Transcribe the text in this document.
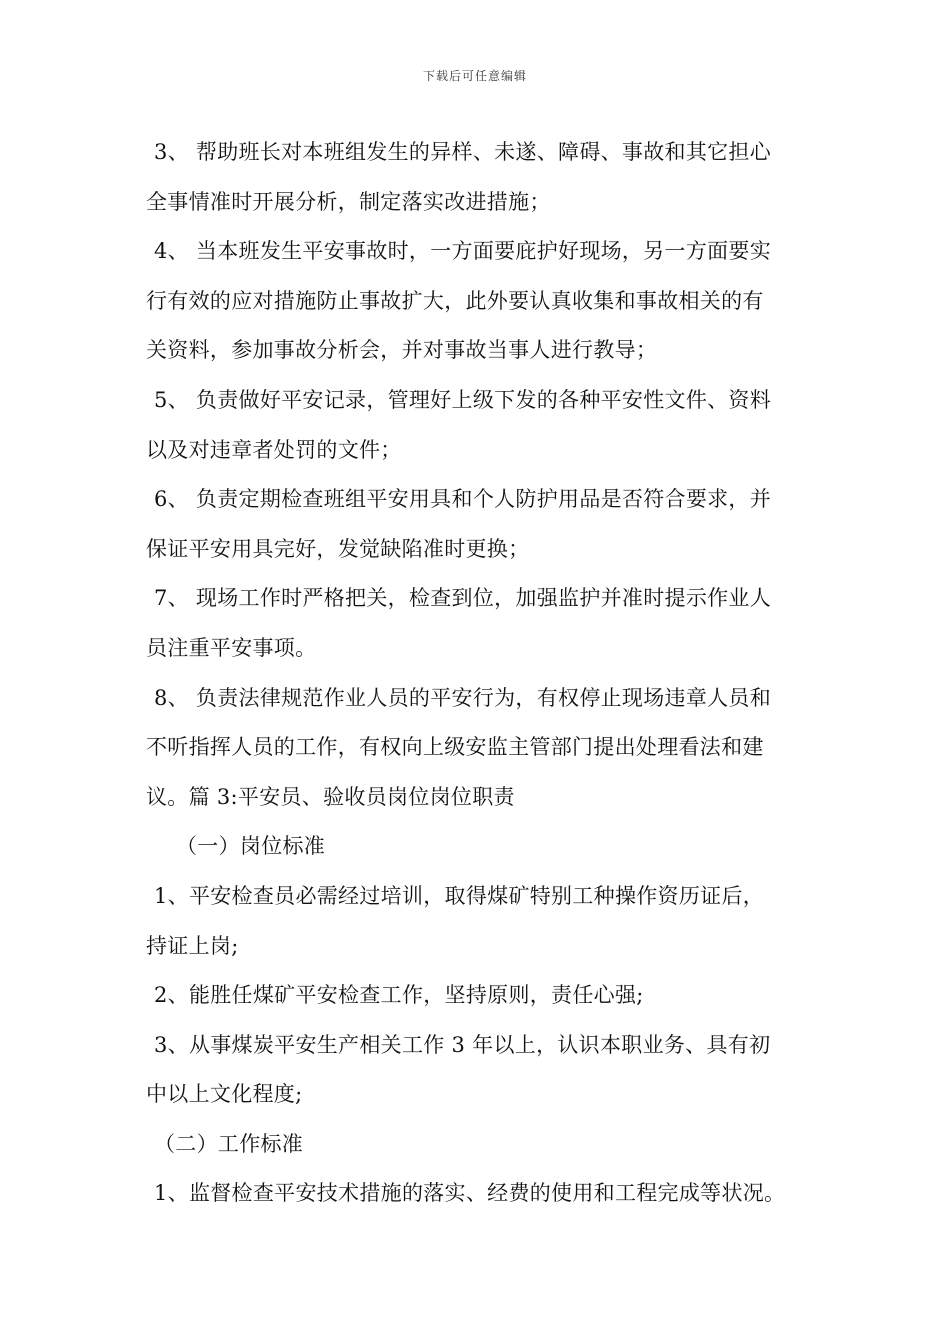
下载后可任意编辑
3、 帮助班长对本班组发生的异样、未遂、障碍、事故和其它担心
全事情准时开展分析，制定落实改进措施；
4、 当本班发生平安事故时，一方面要庇护好现场，另一方面要实
行有效的应对措施防止事故扩大，此外要认真收集和事故相关的有
关资料，参加事故分析会，并对事故当事人进行教导；
5、 负责做好平安记录，管理好上级下发的各种平安性文件、资料
以及对违章者处罚的文件；
6、 负责定期检查班组平安用具和个人防护用品是否符合要求，并
保证平安用具完好，发觉缺陷准时更换；
7、 现场工作时严格把关，检查到位，加强监护并准时提示作业人
员注重平安事项。
8、 负责法律规范作业人员的平安行为，有权停止现场违章人员和
不听指挥人员的工作，有权向上级安监主管部门提出处理看法和建
议。篇 3:平安员、验收员岗位岗位职责
（一）岗位标准
1、平安检查员必需经过培训，取得煤矿特别工种操作资历证后，
持证上岗;
2、能胜任煤矿平安检查工作，坚持原则，责任心强;
3、从事煤炭平安生产相关工作 3 年以上，认识本职业务、具有初
中以上文化程度;
（二）工作标准
1、监督检查平安技术措施的落实、经费的使用和工程完成等状况。
